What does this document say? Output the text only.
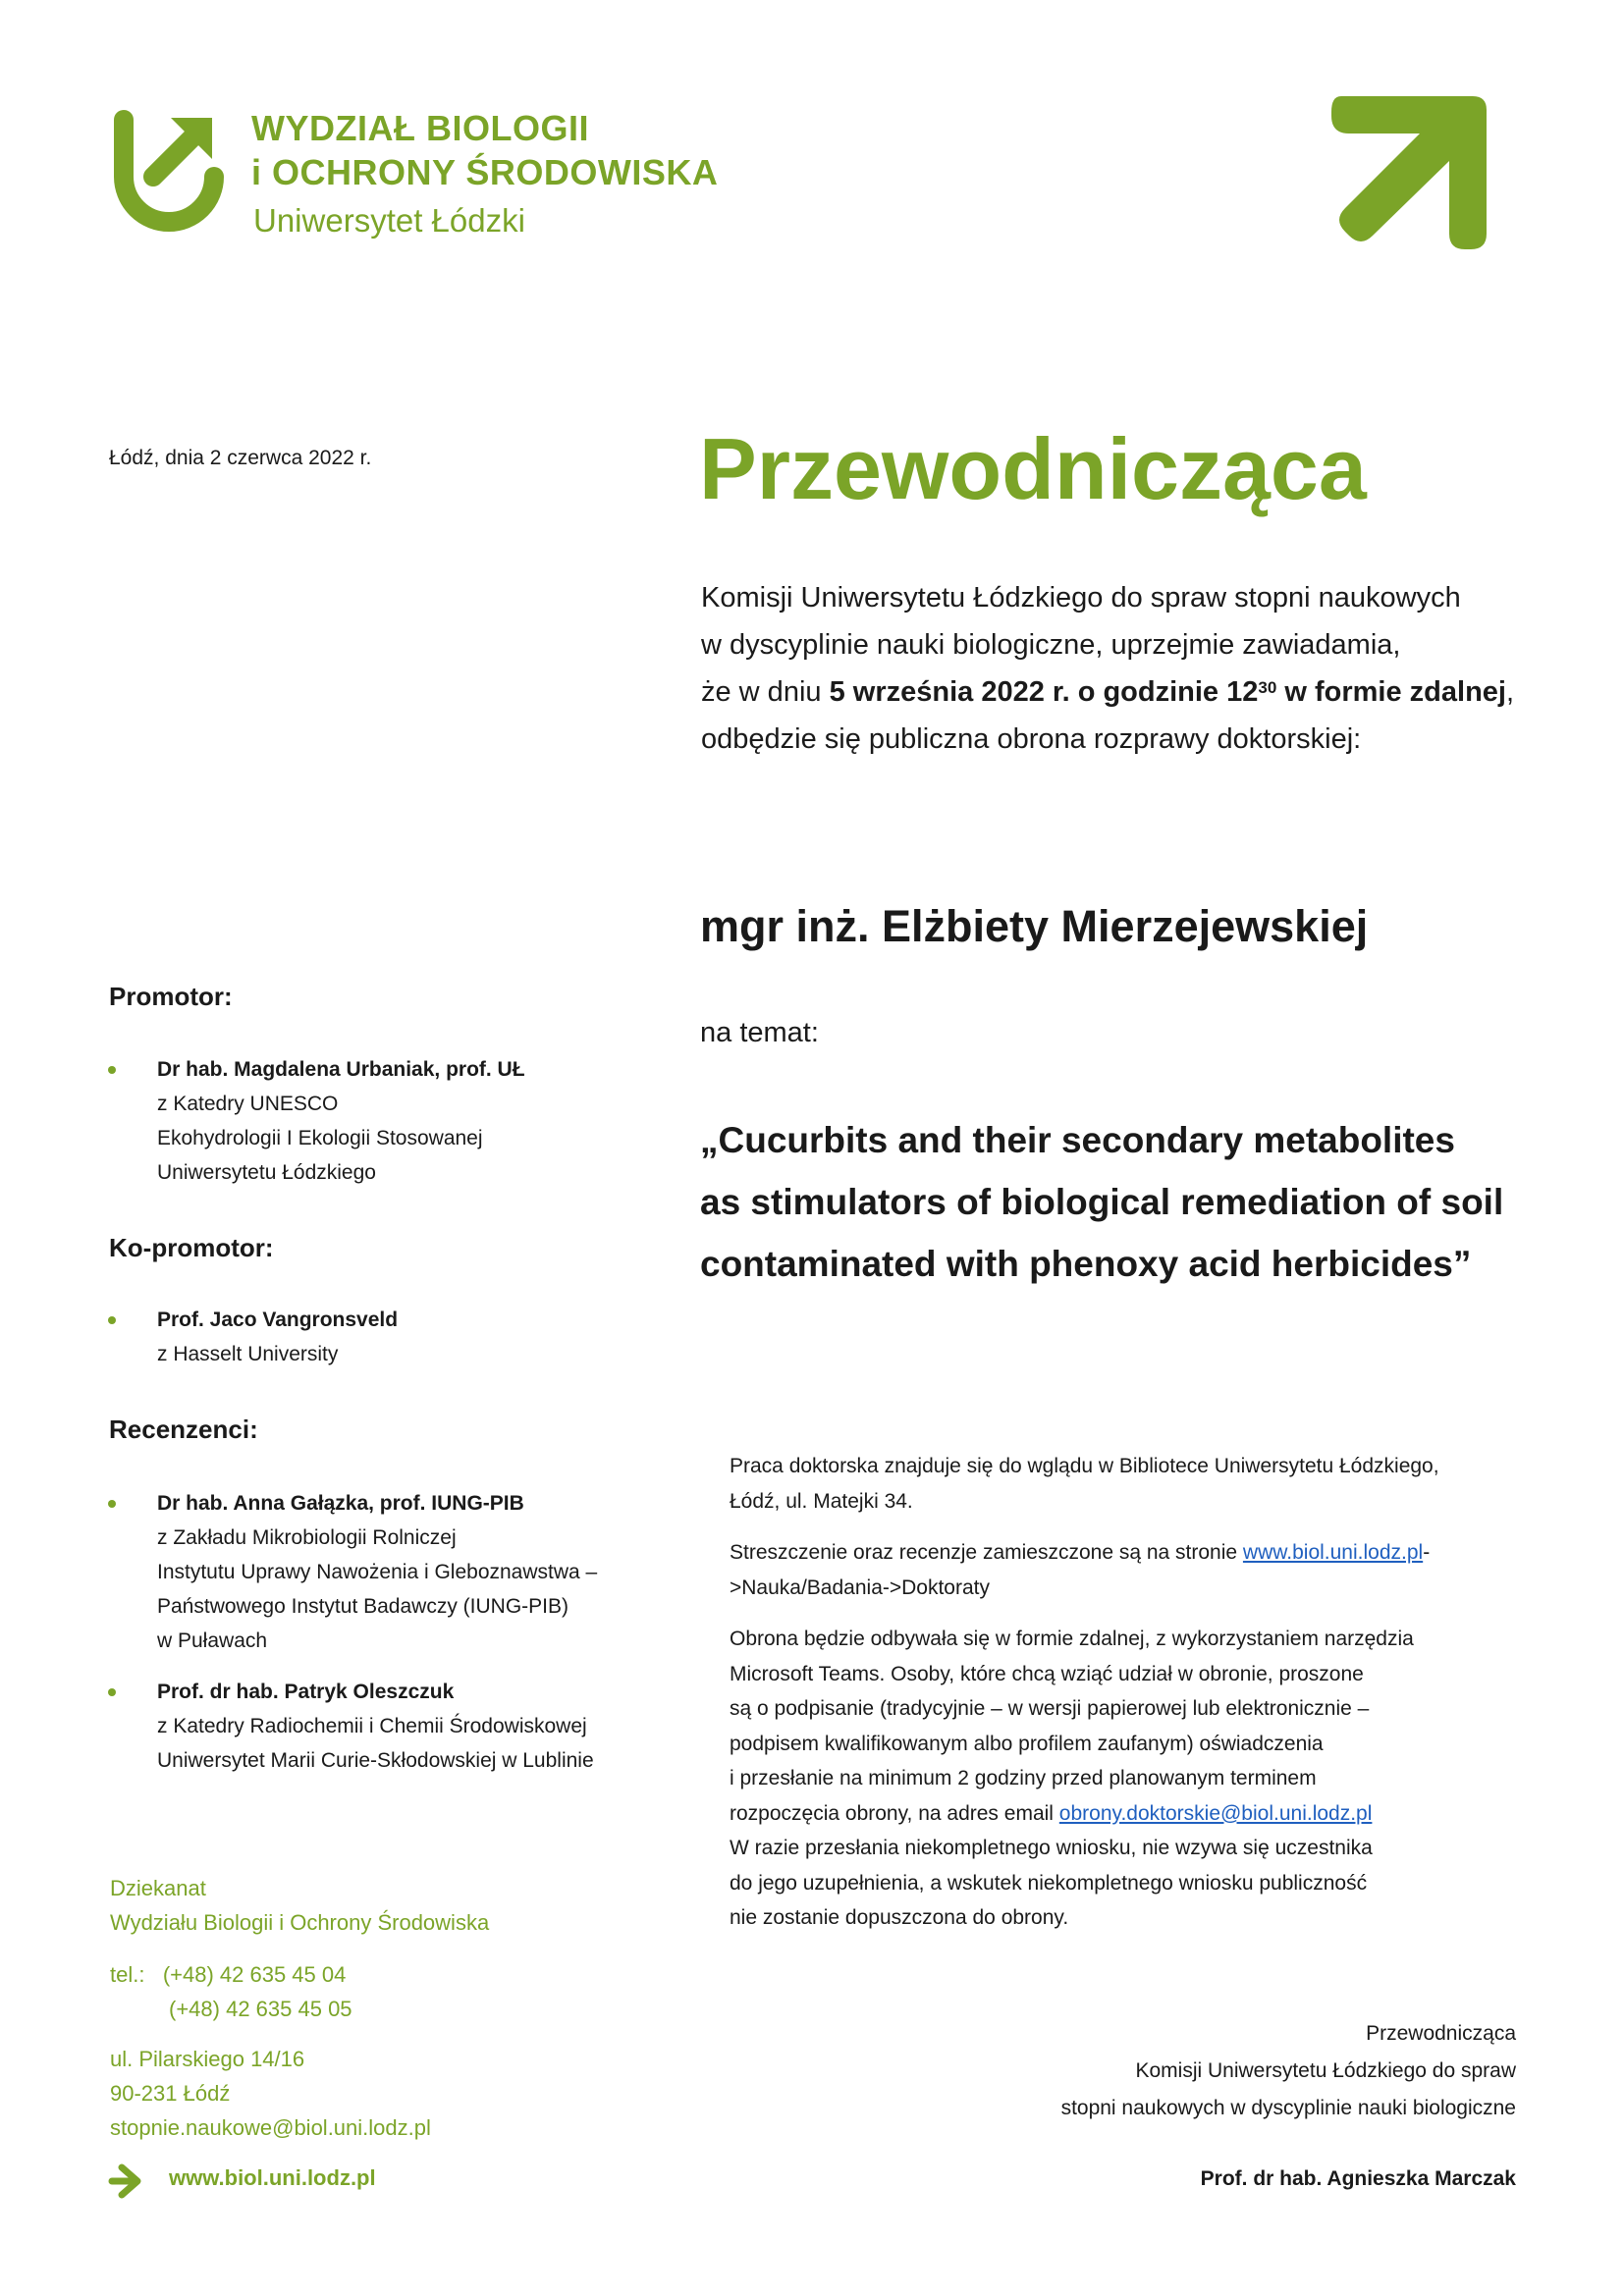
WYDZIAŁ BIOLOGII
i OCHRONY ŚRODOWISKA
Uniwersytet Łódzki
Łódź, dnia 2 czerwca 2022 r.	Przewodnicząca
Komisji Uniwersytetu Łódzkiego do spraw stopni naukowych
w dyscyplinie nauki biologiczne, uprzejmie zawiadamia,
że w dniu 5 września 2022 r. o godzinie $12^{30}$ w formie zdalnej,
odbędzie się publiczna obrona rozprawy doktorskiej:
mgr inż. Elżbiety Mierzejewskiej
na temat:
„Cucurbits and their secondary metabolites
as stimulators of biological remediation of soil
contaminated with phenoxy acid herbicides”
Promotor:
Dr hab. Magdalena Urbaniak, prof. UŁ
z Katedry UNESCO
Ekohydrologii I Ekologii Stosowanej
Uniwersytetu Łódzkiego
Ko-promotor:
Prof. Jaco Vangronsveld
z Hasselt University
Recenzenci:
Dr hab. Anna Gałązka, prof. IUNG-PIB
z Zakładu Mikrobiologii Rolniczej
Instytutu Uprawy Nawożenia i Gleboznawstwa –
Państwowego Instytut Badawczy (IUNG-PIB)
w Puławach
Prof. dr hab. Patryk Oleszczuk
z Katedry Radiochemii i Chemii Środowiskowej
Uniwersytet Marii Curie-Skłodowskiej w Lublinie
Praca doktorska znajduje się do wglądu w Bibliotece Uniwersytetu Łódzkiego,
Łódź, ul. Matejki 34.
Streszczenie oraz recenzje zamieszczone są na stronie www.biol.uni.lodz.pl-
>Nauka/Badania->Doktoraty
Obrona będzie odbywała się w formie zdalnej, z wykorzystaniem narzędzia
Microsoft Teams. Osoby, które chcą wziąć udział w obronie, proszone
są o podpisanie (tradycyjnie – w wersji papierowej lub elektronicznie –
podpisem kwalifikowanym albo profilem zaufanym) oświadczenia
i przesłanie na minimum 2 godziny przed planowanym terminem
rozpoczęcia obrony, na adres email obrony.doktorskie@biol.uni.lodz.pl
W razie przesłania niekompletnego wniosku, nie wzywa się uczestnika
do jego uzupełnienia, a wskutek niekompletnego wniosku publiczność
nie zostanie dopuszczona do obrony.
Przewodnicząca
Komisji Uniwersytetu Łódzkiego do spraw
stopni naukowych w dyscyplinie nauki biologiczne
Prof. dr hab. Agnieszka Marczak
Dziekanat
Wydziału Biologii i Ochrony Środowiska
tel.: (+48) 42 635 45 04
(+48) 42 635 45 05
ul. Pilarskiego 14/16
90-231 Łódź
stopnie.naukowe@biol.uni.lodz.pl
www.biol.uni.lodz.pl
